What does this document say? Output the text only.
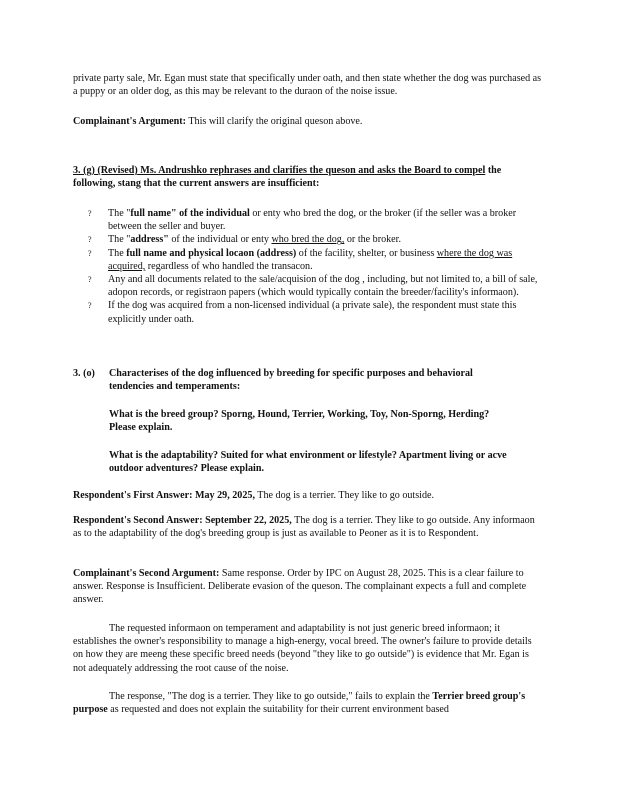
private party sale, Mr. Egan must state that specifically under oath, and then state whether the dog was purchased as a puppy or an older dog, as this may be relevant to the duraon of the noise issue.

Complainant's Argument: This will clarify the original queson above.

3. (g) (Revised) Ms. Andrushko rephrases and clarifies the queson and asks the Board to compel the following, stang that the current answers are insufficient:

? The "full name" of the individual or enty who bred the dog, or the broker (if the seller was a broker between the seller and buyer.
? The "address" of the individual or enty who bred the dog, or the broker.
? The full name and physical locaon (address) of the facility, shelter, or business where the dog was acquired, regardless of who handled the transacon.
? Any and all documents related to the sale/acquision of the dog , including, but not limited to, a bill of sale, adopon records, or registraon papers (which would typically contain the breeder/facility's informaon).
? If the dog was acquired from a non-licensed individual (a private sale), the respondent must state this explicitly under oath.

3. (o) Characterises of the dog influenced by breeding for specific purposes and behavioral

tendencies and temperaments:

What is the breed group? Sporng, Hound, Terrier, Working, Toy, Non-Sporng, Herding?

Please explain.

What is the adaptability? Suited for what environment or lifestyle? Apartment living or acve

outdoor adventures? Please explain.

Respondent's First Answer: May 29, 2025, The dog is a terrier. They like to go outside.

Respondent's Second Answer: September 22, 2025, The dog is a terrier. They like to go outside. Any informaon as to the adaptability of the dog's breeding group is just as available to Peoner as it is to Respondent.

Complainant's Second Argument: Same response. Order by IPC on August 28, 2025. This is a clear failure to answer. Response is Insufficient. Deliberate evasion of the queson. The complainant expects a full and complete answer.

The requested informaon on temperament and adaptability is not just generic breed informaon; it establishes the owner's responsibility to manage a high-energy, vocal breed. The owner's failure to provide details on how they are meeng these specific breed needs (beyond "they like to go outside") is evidence that Mr. Egan is not adequately addressing the root cause of the noise.

The response, "The dog is a terrier. They like to go outside," fails to explain the Terrier breed group's purpose as requested and does not explain the suitability for their current environment based
